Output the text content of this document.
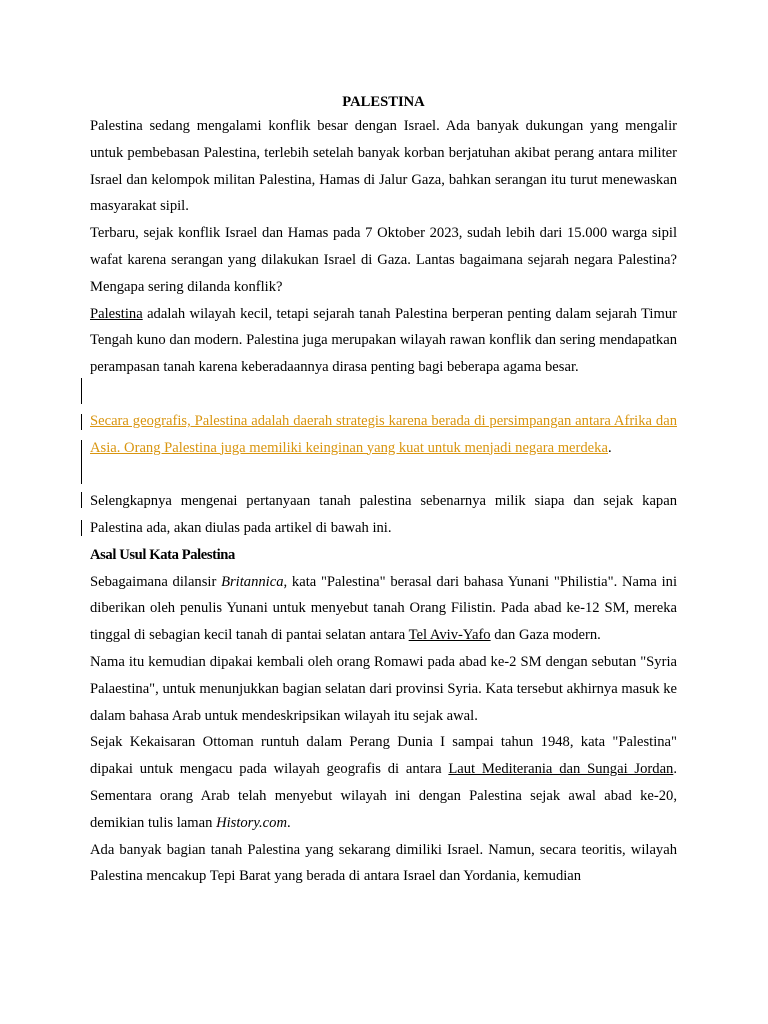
PALESTINA

Palestina sedang mengalami konflik besar dengan Israel. Ada banyak dukungan yang mengalir untuk pembebasan Palestina, terlebih setelah banyak korban berjatuhan akibat perang antara militer Israel dan kelompok militan Palestina, Hamas di Jalur Gaza, bahkan serangan itu turut menewaskan masyarakat sipil.

Terbaru, sejak konflik Israel dan Hamas pada 7 Oktober 2023, sudah lebih dari 15.000 warga sipil wafat karena serangan yang dilakukan Israel di Gaza. Lantas bagaimana sejarah negara Palestina? Mengapa sering dilanda konflik?

Palestina adalah wilayah kecil, tetapi sejarah tanah Palestina berperan penting dalam sejarah Timur Tengah kuno dan modern. Palestina juga merupakan wilayah rawan konflik dan sering mendapatkan perampasan tanah karena keberadaannya dirasa penting bagi beberapa agama besar.

Secara geografis, Palestina adalah daerah strategis karena berada di persimpangan antara Afrika dan Asia. Orang Palestina juga memiliki keinginan yang kuat untuk menjadi negara merdeka.

Selengkapnya mengenai pertanyaan tanah palestina sebenarnya milik siapa dan sejak kapan Palestina ada, akan diulas pada artikel di bawah ini.

Asal Usul Kata Palestina

Sebagaimana dilansir Britannica, kata "Palestina" berasal dari bahasa Yunani "Philistia". Nama ini diberikan oleh penulis Yunani untuk menyebut tanah Orang Filistin. Pada abad ke-12 SM, mereka tinggal di sebagian kecil tanah di pantai selatan antara Tel Aviv-Yafo dan Gaza modern.

Nama itu kemudian dipakai kembali oleh orang Romawi pada abad ke-2 SM dengan sebutan "Syria Palaestina", untuk menunjukkan bagian selatan dari provinsi Syria. Kata tersebut akhirnya masuk ke dalam bahasa Arab untuk mendeskripsikan wilayah itu sejak awal.

Sejak Kekaisaran Ottoman runtuh dalam Perang Dunia I sampai tahun 1948, kata "Palestina" dipakai untuk mengacu pada wilayah geografis di antara Laut Mediterania dan Sungai Jordan. Sementara orang Arab telah menyebut wilayah ini dengan Palestina sejak awal abad ke-20, demikian tulis laman History.com.

Ada banyak bagian tanah Palestina yang sekarang dimiliki Israel. Namun, secara teoritis, wilayah Palestina mencakup Tepi Barat yang berada di antara Israel dan Yordania, kemudian
